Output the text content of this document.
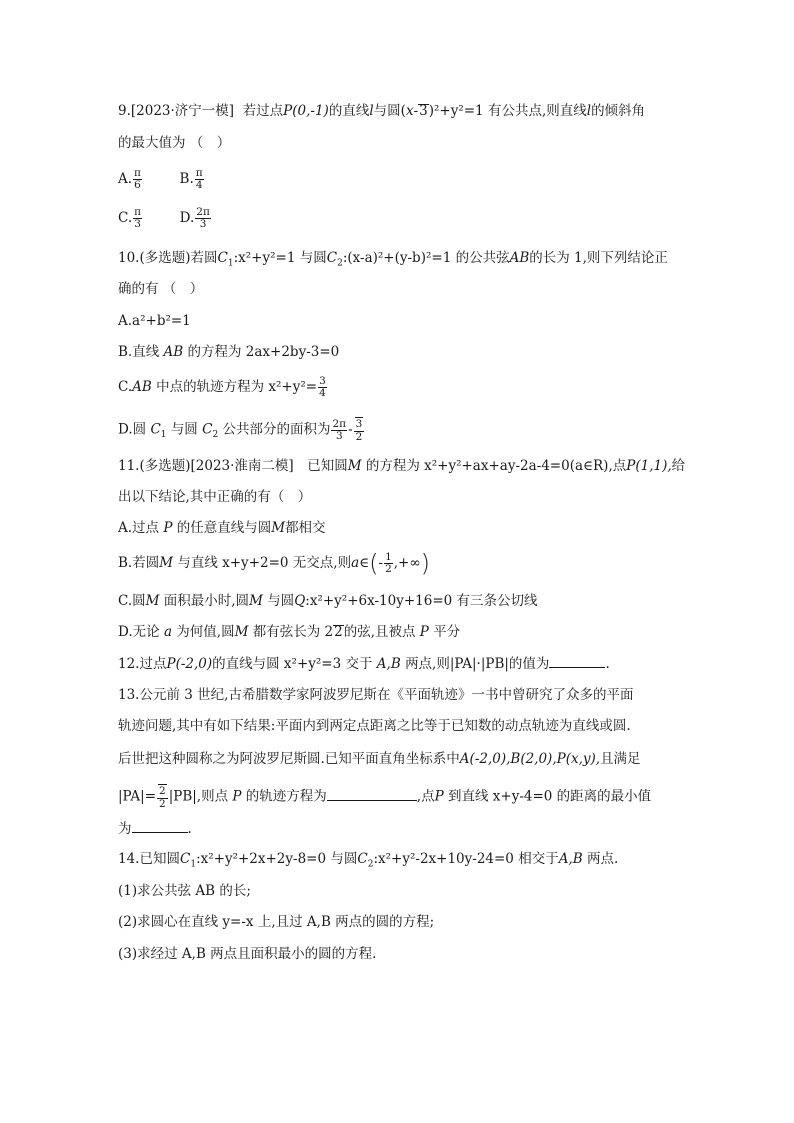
9.[2023·济宁一模] 若过点P(0,-1)的直线l与圆(x-3)²+y²=1 有公共点,则直线l的倾斜角
的最大值为 （　）
A. $\frac{\pi}{6}$	B. $\frac{\pi}{4}$
C. $\frac{\pi}{3}$	D. $\frac{2\pi}{3}$
10.(多选题)若圆$C_1:x^2+y^2=1$ 与圆$C_2:(x-a)^2+(y-b)^2=1$ 的公共弦AB的长为 1,则下列结论正
确的有 （　）
A.a²+b²=1
B.直线 AB 的方程为 2ax+2by-3=0
C.AB 中点的轨迹方程为 $x^2+y^2= \frac{3}{4}$
D.圆 $C_1$ 与圆 $C_2$ 公共部分的面积为 $\frac{2\pi}{3} - \frac{3}{2}$
11.(多选题)[2023·淮南二模]　已知圆M 的方程为 x²+y²+ax+ay-2a-4=0(a∈R),点P(1,1),给
出以下结论,其中正确的有（　）
A.过点 P 的任意直线与圆M都相交
B.若圆M 与直线 x+y+2=0 无交点,则a∈(- $\frac{1}{2}$ ,+∞)
C.圆M 面积最小时,圆M 与圆Q:x²+y²+6x-10y+16=0 有三条公切线
D.无论 a 为何值,圆M 都有弦长为 22的弦,且被点 P 平分
12.过点P(-2,0)的直线与圆 x²+y²=3 交于 A,B 两点,则|PA|·|PB|的值为	.
13.公元前 3 世纪,古希腊数学家阿波罗尼斯在《平面轨迹》一书中曾研究了众多的平面
轨迹问题,其中有如下结果:平面内到两定点距离之比等于已知数的动点轨迹为直线或圆.
后世把这种圆称之为阿波罗尼斯圆.已知平面直角坐标系中A(-2,0),B(2,0),P(x,y),且满足
$|PA|= \frac{2}{2} |PB|$,则点 P 的轨迹方程为	,点P 到直线 x+y-4=0 的距离的最小值
为	.
14.已知圆$C_1:x^2+y^2+2x+2y-8=0$ 与圆$C_2:x^2+y^2-2x+10y-24=0$ 相交于A,B 两点.
(1)求公共弦 AB 的长;
(2)求圆心在直线 y=-x 上,且过 A,B 两点的圆的方程;
(3)求经过 A,B 两点且面积最小的圆的方程.
